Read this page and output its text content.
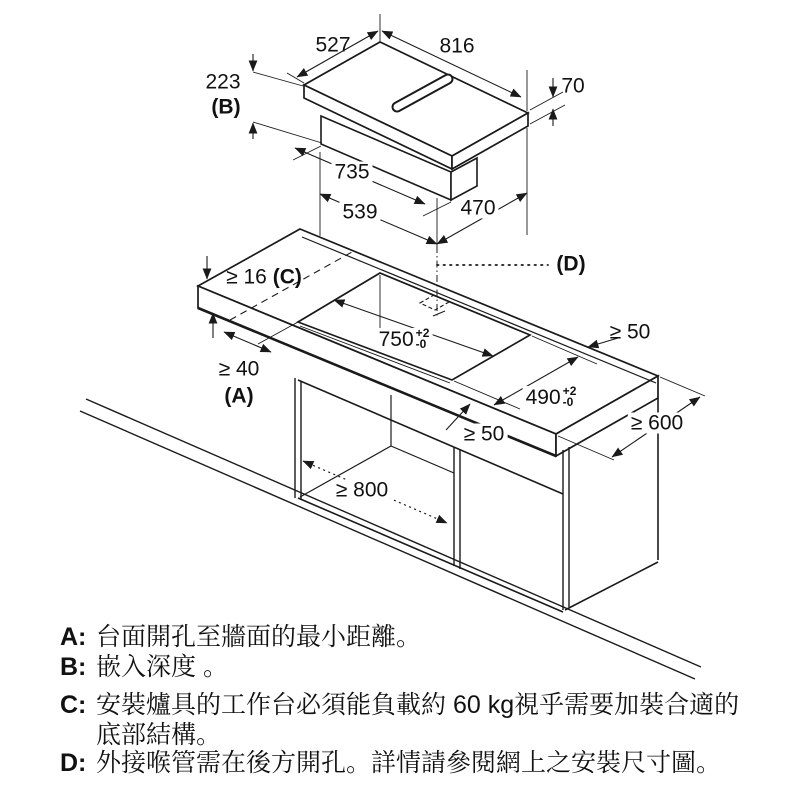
527	816
223
(B)
70
735
539	470
≥ 16 (C)
(D)
≥ 40
(A)
750 +2
-0
490 +2
-0
≥ 50
≥ 600
≥ 50
≥ 800
A: 台面開孔至牆面的最小距離。
B: 嵌入深度 。
C: 安裝爐具的工作台必須能負載約 60 kg視乎需要加裝合適的底部結構。
D: 外接喉管需在後方開孔。詳情請參閱網上之安裝尺寸圖。
